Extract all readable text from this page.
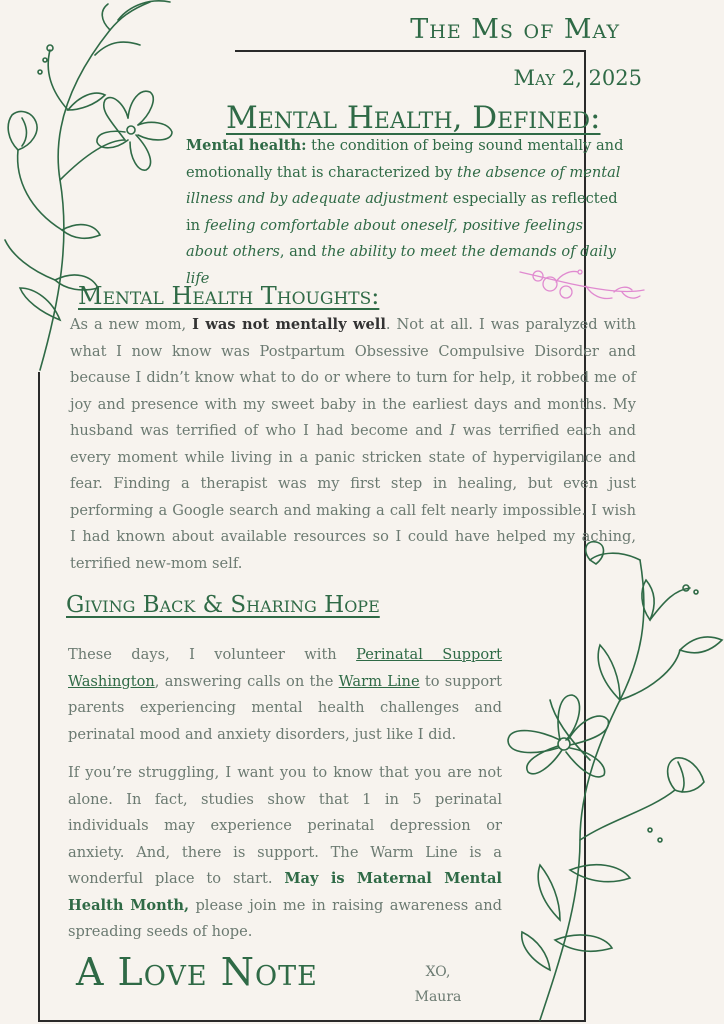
The Ms of May
May 2, 2025
Mental Health, Defined:
Mental health: the condition of being sound mentally and emotionally that is characterized by the absence of mental illness and by adequate adjustment especially as reflected in feeling comfortable about oneself, positive feelings about others, and the ability to meet the demands of daily life
Mental Health Thoughts:
As a new mom, I was not mentally well. Not at all. I was paralyzed with what I now know was Postpartum Obsessive Compulsive Disorder and because I didn’t know what to do or where to turn for help, it robbed me of joy and presence with my sweet baby in the earliest days and months. My husband was terrified of who I had become and I was terrified each and every moment while living in a panic stricken state of hypervigilance and fear. Finding a therapist was my first step in healing, but even just performing a Google search and making a call felt nearly impossible. I wish I had known about available resources so I could have helped my aching, terrified new-mom self.
Giving Back & Sharing Hope
These days, I volunteer with Perinatal Support Washington, answering calls on the Warm Line to support parents experiencing mental health challenges and perinatal mood and anxiety disorders, just like I did.
If you’re struggling, I want you to know that you are not alone. In fact, studies show that 1 in 5 perinatal individuals may experience perinatal depression or anxiety. And, there is support. The Warm Line is a wonderful place to start. May is Maternal Mental Health Month, please join me in raising awareness and spreading seeds of hope.
A Love Note	XO,
Maura
